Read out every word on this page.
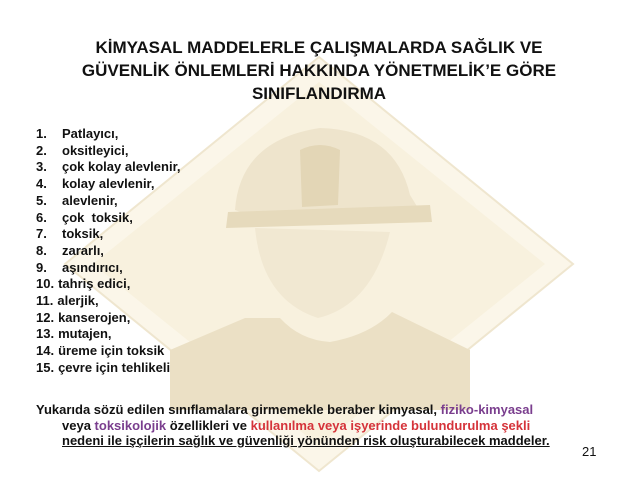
KİMYASAL MADDELERLE ÇALIŞMALARDA SAĞLIK VE
GÜVENLİK ÖNLEMLERİ HAKKINDA YÖNETMELİK’E GÖRE
SINIFLANDIRMA
1. Patlayıcı,
2. oksitleyici,
3. çok kolay alevlenir,
4. kolay alevlenir,
5. alevlenir,
6. çok  toksik,
7. toksik,
8. zararlı,
9. aşındırıcı,
10. tahriş edici,
11. alerjik,
12. kanserojen,
13. mutajen,
14. üreme için toksik
15. çevre için tehlikeli
Yukarıda sözü edilen sınıflamalara girmemekle beraber kimyasal, fiziko-kimyasal
veya toksikolojik özellikleri ve kullanılma veya işyerinde bulundurulma şekli
nedeni ile işçilerin sağlık ve güvenliği yönünden risk oluşturabilecek maddeler.
21
